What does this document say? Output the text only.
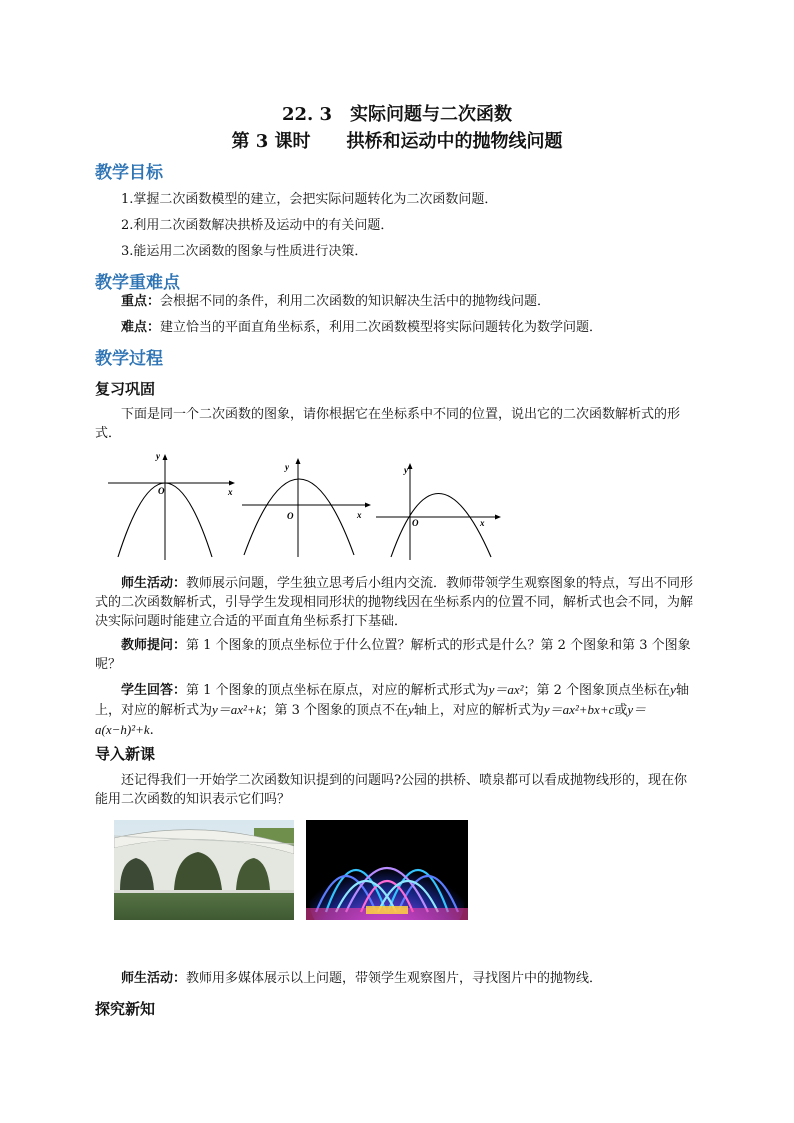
22. 3　实际问题与二次函数
第 3 课时　　拱桥和运动中的抛物线问题
教学目标
1.掌握二次函数模型的建立，会把实际问题转化为二次函数问题．
2.利用二次函数解决拱桥及运动中的有关问题．
3.能运用二次函数的图象与性质进行决策．
教学重难点
重点：会根据不同的条件，利用二次函数的知识解决生活中的抛物线问题．
难点：建立恰当的平面直角坐标系，利用二次函数模型将实际问题转化为数学问题．
教学过程
复习巩固
下面是同一个二次函数的图象，请你根据它在坐标系中不同的位置，说出它的二次函数解析式的形式．
y
x
O
y
x
O
y
x
O
师生活动：教师展示问题，学生独立思考后小组内交流．教师带领学生观察图象的特点，写出不同形式的二次函数解析式，引导学生发现相同形状的抛物线因在坐标系内的位置不同，解析式也会不同，为解决实际问题时能建立合适的平面直角坐标系打下基础．
教师提问：第 1 个图象的顶点坐标位于什么位置？解析式的形式是什么？第 2 个图象和第 3 个图象呢？
学生回答：第 1 个图象的顶点坐标在原点，对应的解析式形式为y＝ax²；第 2 个图象顶点坐标在y轴上，对应的解析式为y＝ax²+k；第 3 个图象的顶点不在y轴上，对应的解析式为y＝ax²+bx+c或y＝a(x−h)²+k.
导入新课
还记得我们一开始学二次函数知识提到的问题吗?公园的拱桥、喷泉都可以看成抛物线形的，现在你能用二次函数的知识表示它们吗？
师生活动：教师用多媒体展示以上问题，带领学生观察图片，寻找图片中的抛物线．
探究新知
